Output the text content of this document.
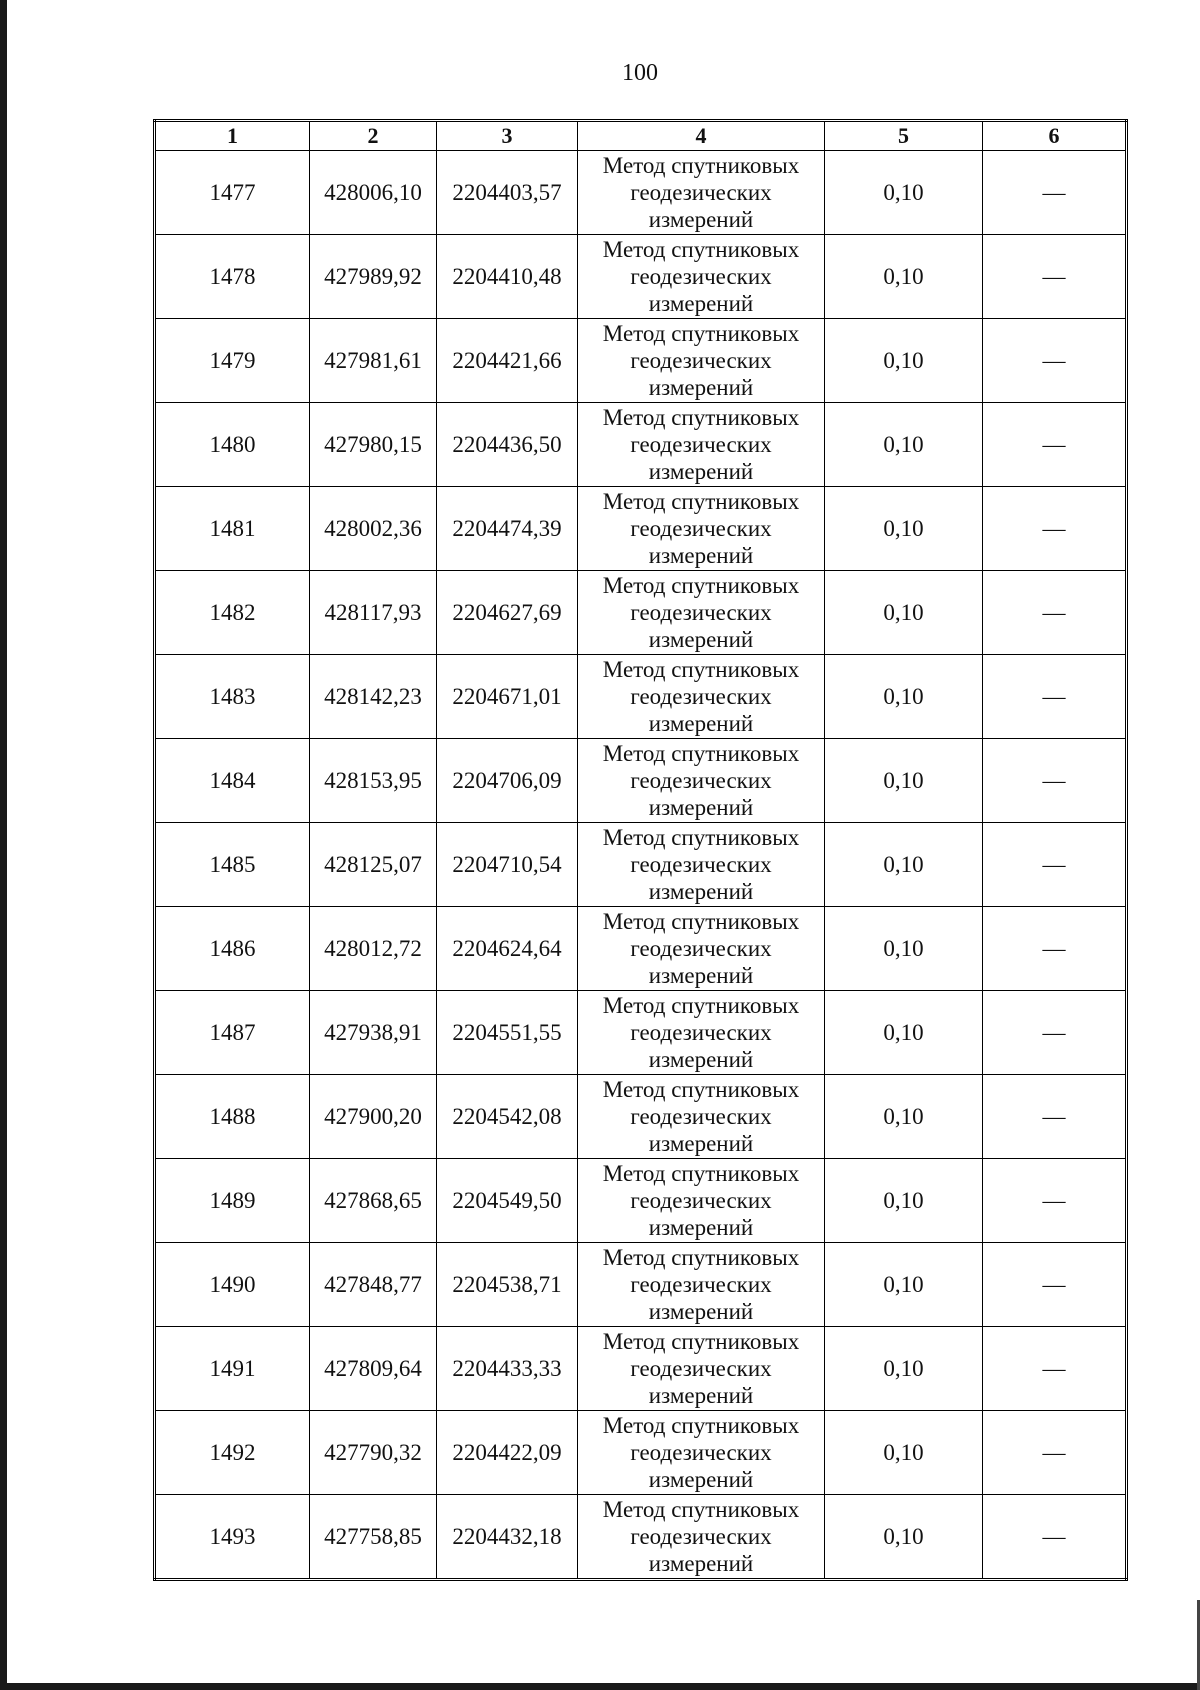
100
1	2	3	4	5	6
1477	428006,10	2204403,57	Метод спутниковых
геодезических
измерений	0,10	—
1478	427989,92	2204410,48	Метод спутниковых
геодезических
измерений	0,10	—
1479	427981,61	2204421,66	Метод спутниковых
геодезических
измерений	0,10	—
1480	427980,15	2204436,50	Метод спутниковых
геодезических
измерений	0,10	—
1481	428002,36	2204474,39	Метод спутниковых
геодезических
измерений	0,10	—
1482	428117,93	2204627,69	Метод спутниковых
геодезических
измерений	0,10	—
1483	428142,23	2204671,01	Метод спутниковых
геодезических
измерений	0,10	—
1484	428153,95	2204706,09	Метод спутниковых
геодезических
измерений	0,10	—
1485	428125,07	2204710,54	Метод спутниковых
геодезических
измерений	0,10	—
1486	428012,72	2204624,64	Метод спутниковых
геодезических
измерений	0,10	—
1487	427938,91	2204551,55	Метод спутниковых
геодезических
измерений	0,10	—
1488	427900,20	2204542,08	Метод спутниковых
геодезических
измерений	0,10	—
1489	427868,65	2204549,50	Метод спутниковых
геодезических
измерений	0,10	—
1490	427848,77	2204538,71	Метод спутниковых
геодезических
измерений	0,10	—
1491	427809,64	2204433,33	Метод спутниковых
геодезических
измерений	0,10	—
1492	427790,32	2204422,09	Метод спутниковых
геодезических
измерений	0,10	—
1493	427758,85	2204432,18	Метод спутниковых
геодезических
измерений	0,10	—
